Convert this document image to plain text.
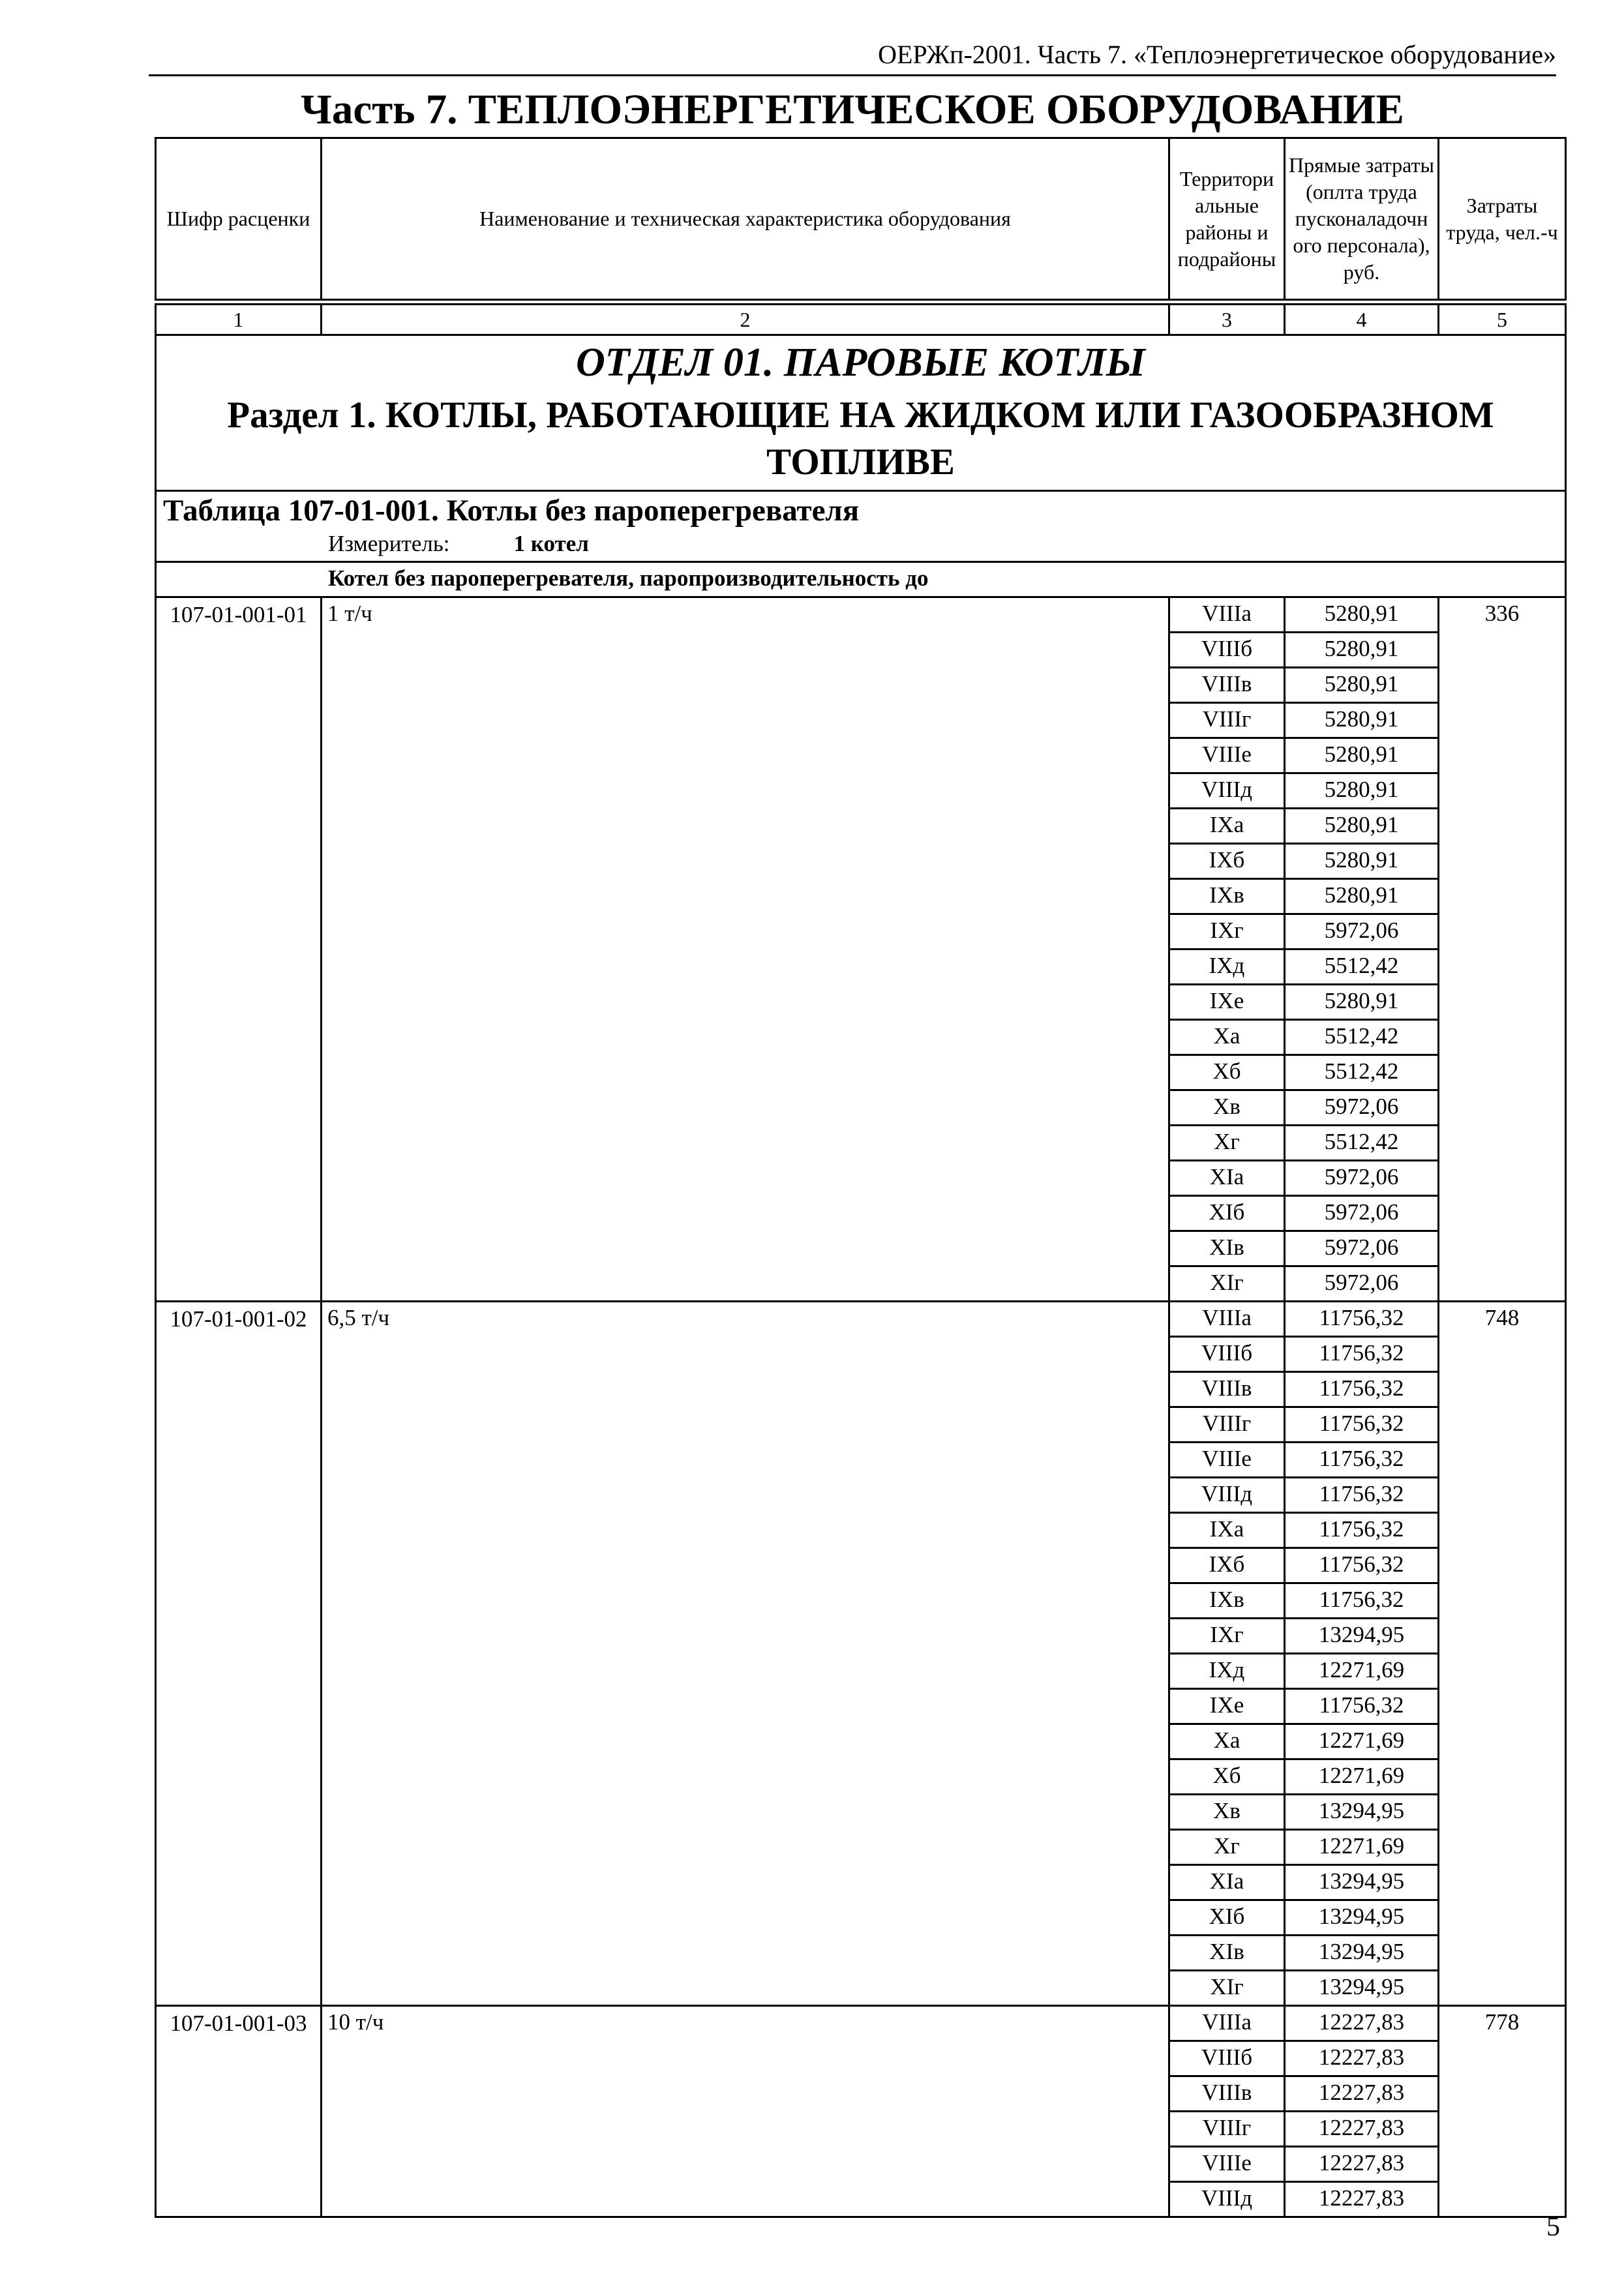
ОЕРЖп-2001. Часть 7. «Теплоэнергетическое оборудование»
Часть 7. ТЕПЛОЭНЕРГЕТИЧЕСКОЕ ОБОРУДОВАНИЕ
Шифр расценки	Наименование и техническая характеристика оборудования	Территори альные районы и подрайоны	Прямые затраты (оплта труда пусконаладочн ого персонала), руб.	Затраты труда, чел.-ч
1	2	3	4	5
ОТДЕЛ 01. ПАРОВЫЕ КОТЛЫ
Раздел 1. КОТЛЫ, РАБОТАЮЩИЕ НА ЖИДКОМ ИЛИ ГАЗООБРАЗНОМ ТОПЛИВЕ				

Таблица 107-01-001. Котлы без пароперегревателя
Измеритель: 1 котел				

Котел без пароперегревателя, паропроизводительность до				
107-01-001-01	1 т/ч	VIIIa	5280,91	336
		VIIIб	5280,91	
		VIIIв	5280,91	
		VIIIг	5280,91	
		VIIIe	5280,91	
		VIIIд	5280,91	
		IXa	5280,91	
		IXб	5280,91	
		IXв	5280,91	
		IXг	5972,06	
		IXд	5512,42	
		IXe	5280,91	
		Xa	5512,42	
		Xб	5512,42	
		Xв	5972,06	
		Xг	5512,42	
		XIa	5972,06	
		XIб	5972,06	
		XIв	5972,06	
		XIг	5972,06	
107-01-001-02	6,5 т/ч	VIIIa	11756,32	748
		VIIIб	11756,32	
		VIIIв	11756,32	
		VIIIг	11756,32	
		VIIIe	11756,32	
		VIIIд	11756,32	
		IXa	11756,32	
		IXб	11756,32	
		IXв	11756,32	
		IXг	13294,95	
		IXд	12271,69	
		IXe	11756,32	
		Xa	12271,69	
		Xб	12271,69	
		Xв	13294,95	
		Xг	12271,69	
		XIa	13294,95	
		XIб	13294,95	
		XIв	13294,95	
		XIг	13294,95	
107-01-001-03	10 т/ч	VIIIa	12227,83	778
		VIIIб	12227,83	
		VIIIв	12227,83	
		VIIIг	12227,83	
		VIIIe	12227,83	
		VIIIд	12227,83	
5
